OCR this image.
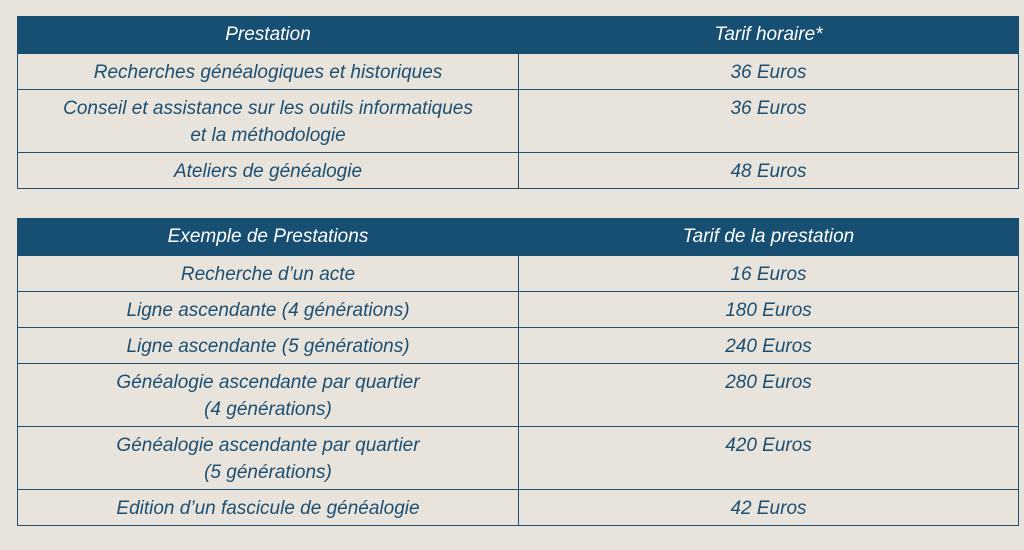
Prestation	Tarif horaire*
Recherches généalogiques et historiques	36 Euros
Conseil et assistance sur les outils informatiques
et la méthodologie	36 Euros
Ateliers de généalogie	48 Euros
Exemple de Prestations	Tarif de la prestation
Recherche d’un acte	16 Euros
Ligne ascendante (4 générations)	180 Euros
Ligne ascendante (5 générations)	240 Euros
Généalogie ascendante par quartier
(4 générations)	280 Euros
Généalogie ascendante par quartier
(5 générations)	420 Euros
Edition d’un fascicule de généalogie	42 Euros
